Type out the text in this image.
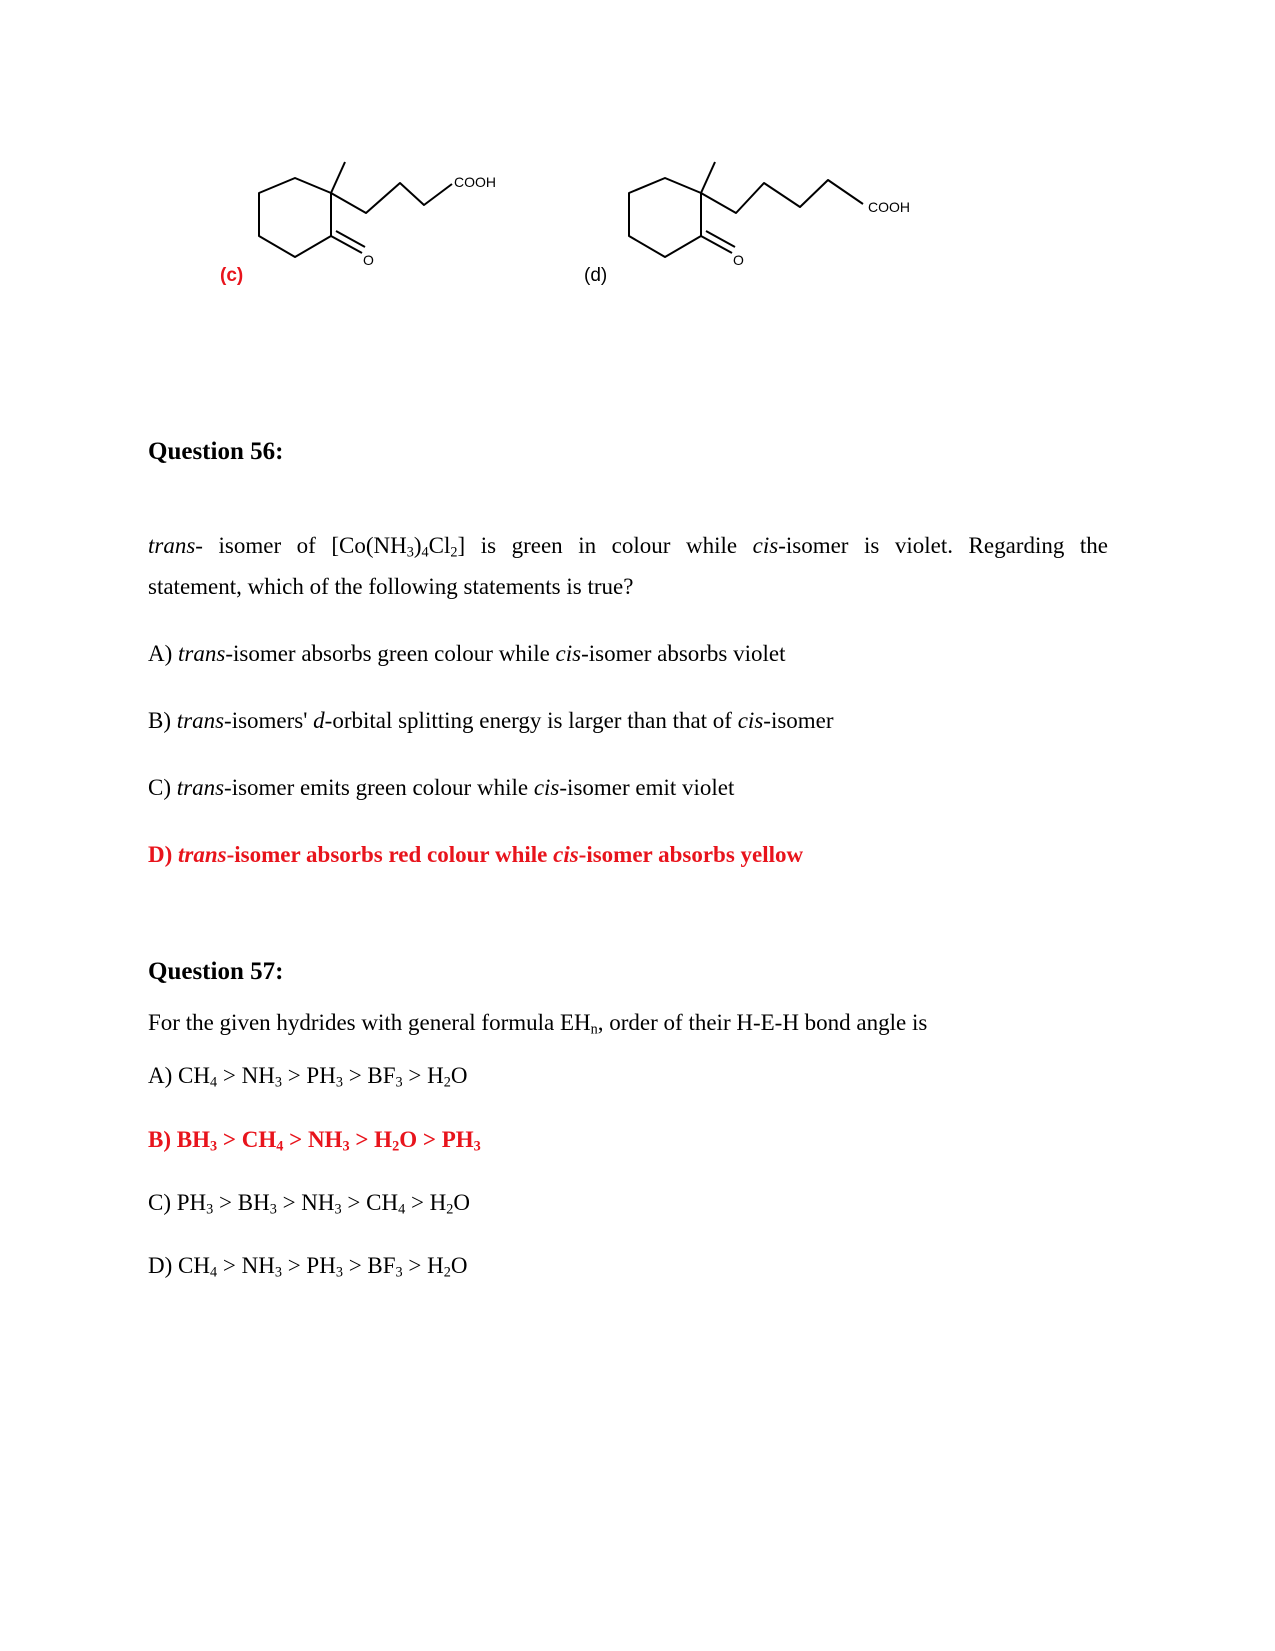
COOH
O
(c)
COOH
O
(d)
Question 56:
trans- isomer of $[Co(NH_3)_4Cl_2]$ is green in colour while cis-isomer is violet. Regarding the
statement, which of the following statements is true?
A) trans-isomer absorbs green colour while cis-isomer absorbs violet
B) trans-isomers' d-orbital splitting energy is larger than that of cis-isomer
C) trans-isomer emits green colour while cis-isomer emit violet
D) trans-isomer absorbs red colour while cis-isomer absorbs yellow
Question 57:
For the given hydrides with general formula $EH_n$, order of their H-E-H bond angle is
A) $CH_4 > NH_3 > PH_3 > BF_3 > H_2O$
B) $BH_3 > CH_4 > NH_3 > H_2O > PH_3$
C) $PH_3 > BH_3 > NH_3 > CH_4 > H_2O$
D) $CH_4 > NH_3 > PH_3 > BF_3 > H_2O$
